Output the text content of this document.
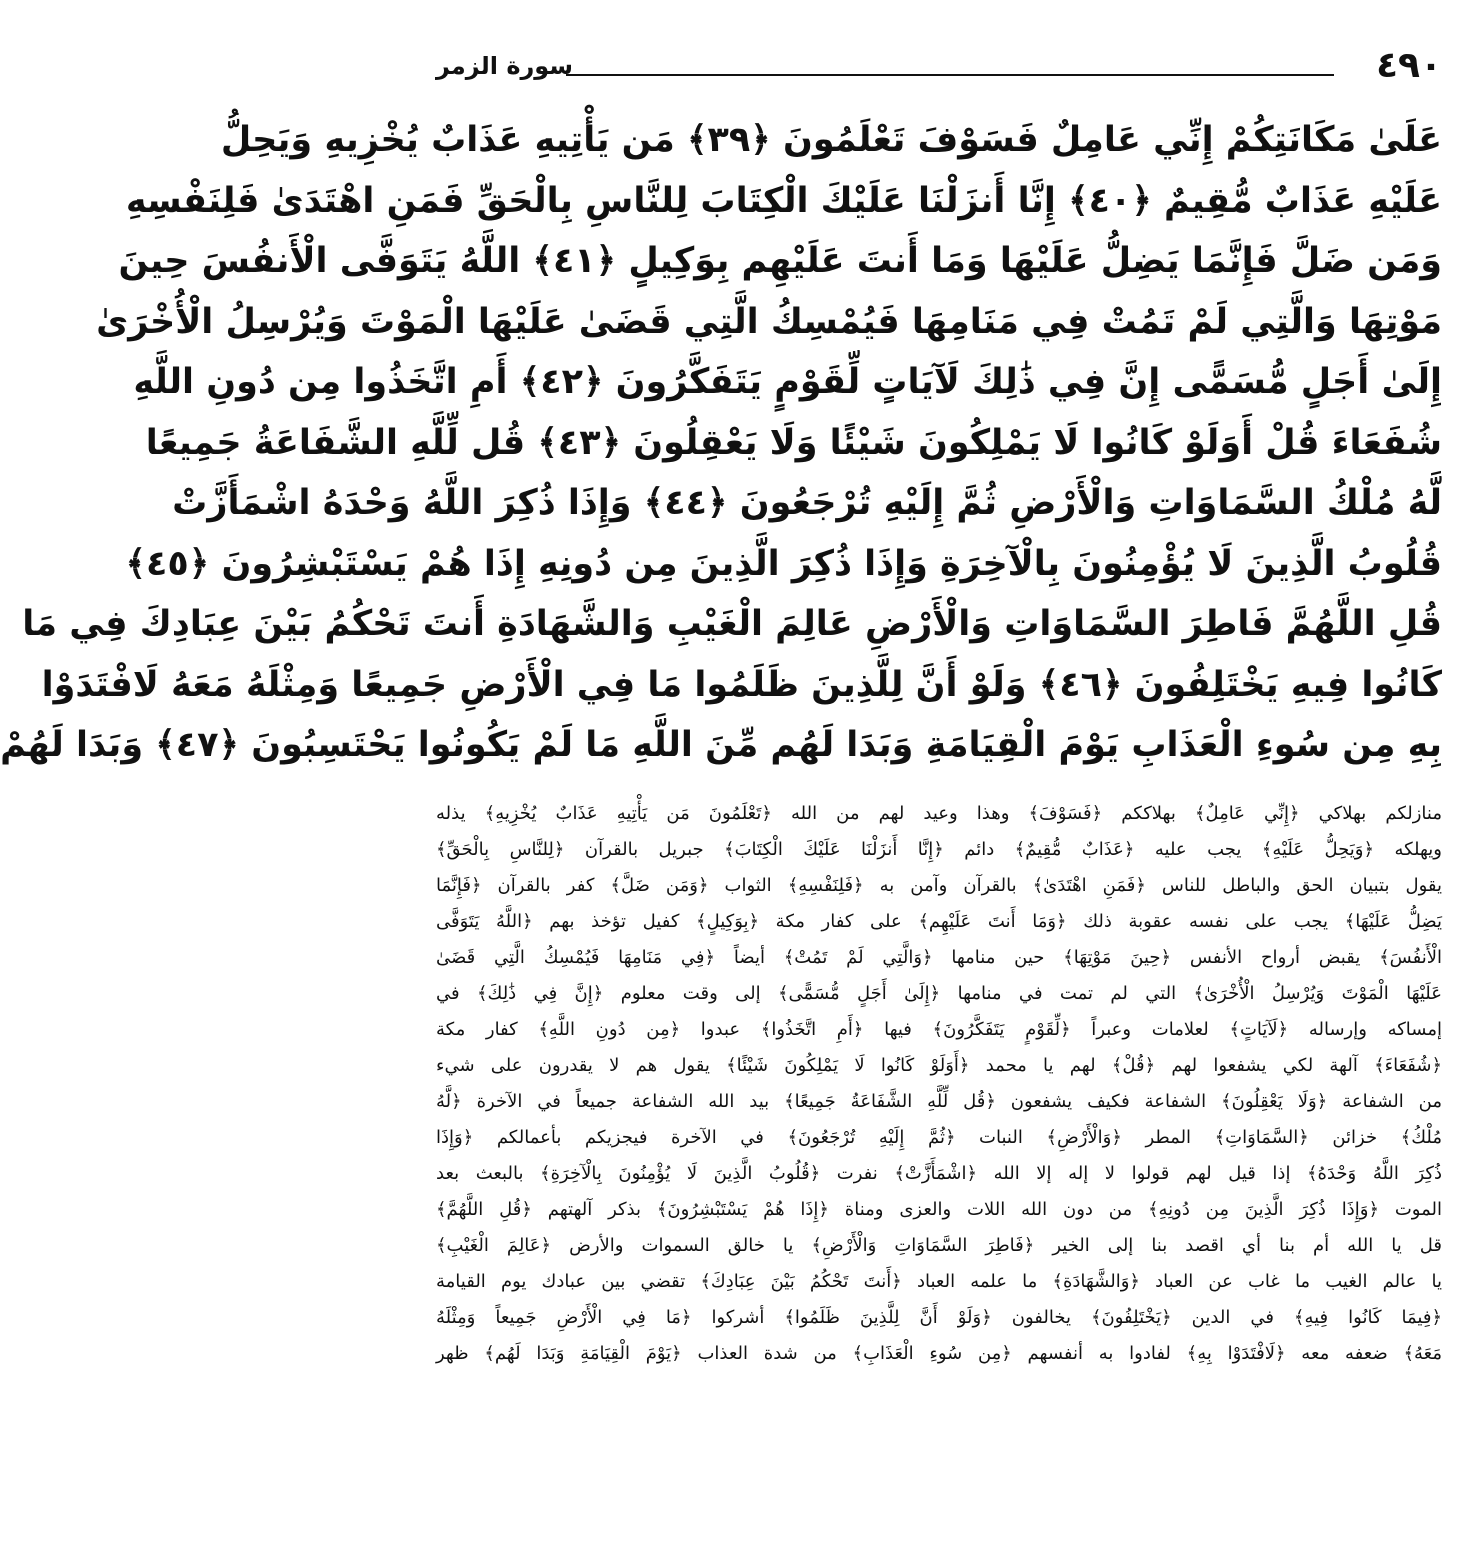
٤٩٠
سورة الزمر
عَلَىٰ مَكَانَتِكُمْ إِنِّي عَامِلٌ فَسَوْفَ تَعْلَمُونَ ﴿٣٩﴾ مَن يَأْتِيهِ عَذَابٌ يُخْزِيهِ وَيَحِلُّ
عَلَيْهِ عَذَابٌ مُّقِيمٌ ﴿٤٠﴾ إِنَّا أَنزَلْنَا عَلَيْكَ الْكِتَابَ لِلنَّاسِ بِالْحَقِّ فَمَنِ اهْتَدَىٰ فَلِنَفْسِهِ
وَمَن ضَلَّ فَإِنَّمَا يَضِلُّ عَلَيْهَا وَمَا أَنتَ عَلَيْهِم بِوَكِيلٍ ﴿٤١﴾ اللَّهُ يَتَوَفَّى الْأَنفُسَ حِينَ
مَوْتِهَا وَالَّتِي لَمْ تَمُتْ فِي مَنَامِهَا فَيُمْسِكُ الَّتِي قَضَىٰ عَلَيْهَا الْمَوْتَ وَيُرْسِلُ الْأُخْرَىٰ
إِلَىٰ أَجَلٍ مُّسَمًّى إِنَّ فِي ذَٰلِكَ لَآيَاتٍ لِّقَوْمٍ يَتَفَكَّرُونَ ﴿٤٢﴾ أَمِ اتَّخَذُوا مِن دُونِ اللَّهِ
شُفَعَاءَ قُلْ أَوَلَوْ كَانُوا لَا يَمْلِكُونَ شَيْئًا وَلَا يَعْقِلُونَ ﴿٤٣﴾ قُل لِّلَّهِ الشَّفَاعَةُ جَمِيعًا
لَّهُ مُلْكُ السَّمَاوَاتِ وَالْأَرْضِ ثُمَّ إِلَيْهِ تُرْجَعُونَ ﴿٤٤﴾ وَإِذَا ذُكِرَ اللَّهُ وَحْدَهُ اشْمَأَزَّتْ
قُلُوبُ الَّذِينَ لَا يُؤْمِنُونَ بِالْآخِرَةِ وَإِذَا ذُكِرَ الَّذِينَ مِن دُونِهِ إِذَا هُمْ يَسْتَبْشِرُونَ ﴿٤٥﴾
قُلِ اللَّهُمَّ فَاطِرَ السَّمَاوَاتِ وَالْأَرْضِ عَالِمَ الْغَيْبِ وَالشَّهَادَةِ أَنتَ تَحْكُمُ بَيْنَ عِبَادِكَ فِي مَا
كَانُوا فِيهِ يَخْتَلِفُونَ ﴿٤٦﴾ وَلَوْ أَنَّ لِلَّذِينَ ظَلَمُوا مَا فِي الْأَرْضِ جَمِيعًا وَمِثْلَهُ مَعَهُ لَافْتَدَوْا
بِهِ مِن سُوءِ الْعَذَابِ يَوْمَ الْقِيَامَةِ وَبَدَا لَهُم مِّنَ اللَّهِ مَا لَمْ يَكُونُوا يَحْتَسِبُونَ ﴿٤٧﴾ وَبَدَا لَهُمْ
منازلكم بهلاكي ﴿إِنِّي عَامِلٌ﴾ بهلاككم ﴿فَسَوْفَ﴾ وهذا وعيد لهم من الله ﴿تَعْلَمُونَ مَن يَأْتِيهِ عَذَابٌ يُخْزِيهِ﴾ يذله
ويهلكه ﴿وَيَحِلُّ عَلَيْهِ﴾ يجب عليه ﴿عَذَابٌ مُّقِيمٌ﴾ دائم ﴿إِنَّا أَنزَلْنَا عَلَيْكَ الْكِتَابَ﴾ جبريل بالقرآن ﴿لِلنَّاسِ بِالْحَقِّ﴾
يقول بتبيان الحق والباطل للناس ﴿فَمَنِ اهْتَدَىٰ﴾ بالقرآن وآمن به ﴿فَلِنَفْسِهِ﴾ الثواب ﴿وَمَن ضَلَّ﴾ كفر بالقرآن ﴿فَإِنَّمَا
يَضِلُّ عَلَيْهَا﴾ يجب على نفسه عقوبة ذلك ﴿وَمَا أَنتَ عَلَيْهِم﴾ على كفار مكة ﴿بِوَكِيلٍ﴾ كفيل تؤخذ بهم ﴿اللَّهُ يَتَوَفَّى
الْأَنفُسَ﴾ يقبض أرواح الأنفس ﴿حِينَ مَوْتِهَا﴾ حين منامها ﴿وَالَّتِي لَمْ تَمُتْ﴾ أيضاً ﴿فِي مَنَامِهَا فَيُمْسِكُ الَّتِي قَضَىٰ
عَلَيْهَا الْمَوْتَ وَيُرْسِلُ الْأُخْرَىٰ﴾ التي لم تمت في منامها ﴿إِلَىٰ أَجَلٍ مُّسَمًّى﴾ إلى وقت معلوم ﴿إِنَّ فِي ذَٰلِكَ﴾ في
إمساكه وإرساله ﴿لَآيَاتٍ﴾ لعلامات وعبراً ﴿لِّقَوْمٍ يَتَفَكَّرُونَ﴾ فيها ﴿أَمِ اتَّخَذُوا﴾ عبدوا ﴿مِن دُونِ اللَّهِ﴾ كفار مكة
﴿شُفَعَاءَ﴾ آلهة لكي يشفعوا لهم ﴿قُلْ﴾ لهم يا محمد ﴿أَوَلَوْ كَانُوا لَا يَمْلِكُونَ شَيْئًا﴾ يقول هم لا يقدرون على شيء
من الشفاعة ﴿وَلَا يَعْقِلُونَ﴾ الشفاعة فكيف يشفعون ﴿قُل لِّلَّهِ الشَّفَاعَةُ جَمِيعًا﴾ بيد الله الشفاعة جميعاً في الآخرة ﴿لَّهُ
مُلْكُ﴾ خزائن ﴿السَّمَاوَاتِ﴾ المطر ﴿وَالْأَرْضِ﴾ النبات ﴿ثُمَّ إِلَيْهِ تُرْجَعُونَ﴾ في الآخرة فيجزيكم بأعمالكم ﴿وَإِذَا
ذُكِرَ اللَّهُ وَحْدَهُ﴾ إذا قيل لهم قولوا لا إله إلا الله ﴿اشْمَأَزَّتْ﴾ نفرت ﴿قُلُوبُ الَّذِينَ لَا يُؤْمِنُونَ بِالْآخِرَةِ﴾ بالبعث بعد
الموت ﴿وَإِذَا ذُكِرَ الَّذِينَ مِن دُونِهِ﴾ من دون الله اللات والعزى ومناة ﴿إِذَا هُمْ يَسْتَبْشِرُونَ﴾ بذكر آلهتهم ﴿قُلِ اللَّهُمَّ﴾
قل يا الله أم بنا أي اقصد بنا إلى الخير ﴿فَاطِرَ السَّمَاوَاتِ وَالْأَرْضِ﴾ يا خالق السموات والأرض ﴿عَالِمَ الْغَيْبِ﴾
يا عالم الغيب ما غاب عن العباد ﴿وَالشَّهَادَةِ﴾ ما علمه العباد ﴿أَنتَ تَحْكُمُ بَيْنَ عِبَادِكَ﴾ تقضي بين عبادك يوم القيامة
﴿فِيمَا كَانُوا فِيهِ﴾ في الدين ﴿يَخْتَلِفُونَ﴾ يخالفون ﴿وَلَوْ أَنَّ لِلَّذِينَ ظَلَمُوا﴾ أشركوا ﴿مَا فِي الْأَرْضِ جَمِيعاً وَمِثْلَهُ
مَعَهُ﴾ ضعفه معه ﴿لَافْتَدَوْا بِهِ﴾ لفادوا به أنفسهم ﴿مِن سُوءِ الْعَذَابِ﴾ من شدة العذاب ﴿يَوْمَ الْقِيَامَةِ وَبَدَا لَهُم﴾ ظهر
